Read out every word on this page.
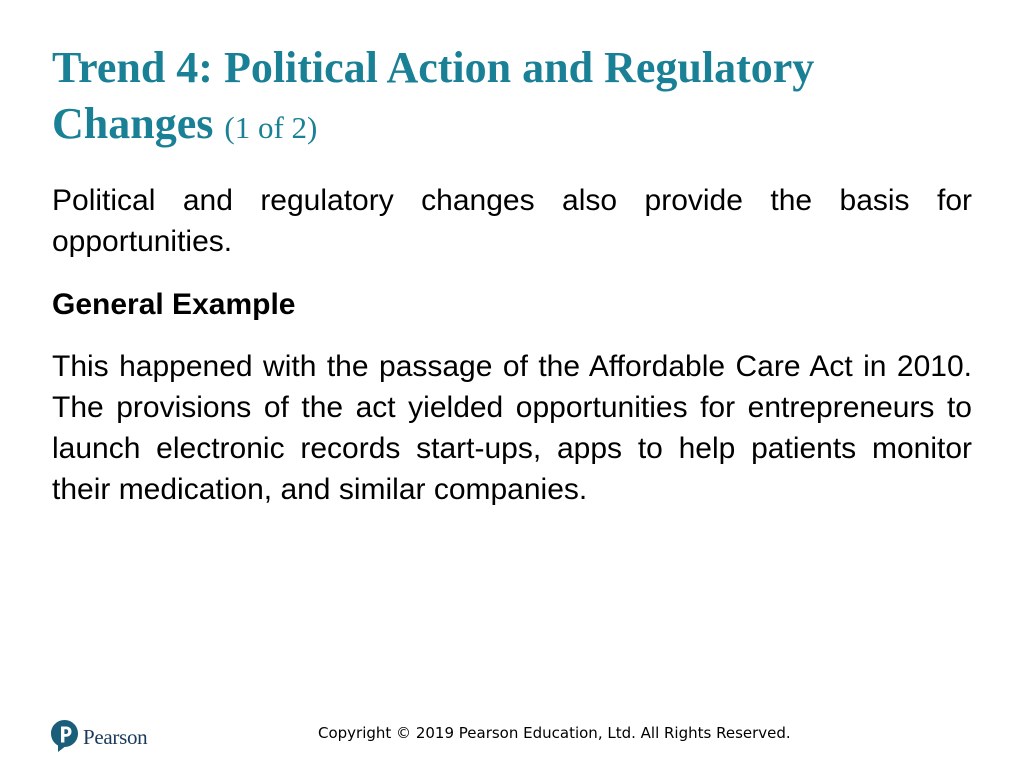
Trend 4: Political Action and Regulatory Changes (1 of 2)

Political and regulatory changes also provide the basis for opportunities.

General Example

This happened with the passage of the Affordable Care Act in 2010. The provisions of the act yielded opportunities for entrepreneurs to launch electronic records start-ups, apps to help patients monitor their medication, and similar companies.

Pearson	Copyright © 2019 Pearson Education, Ltd. All Rights Reserved.
